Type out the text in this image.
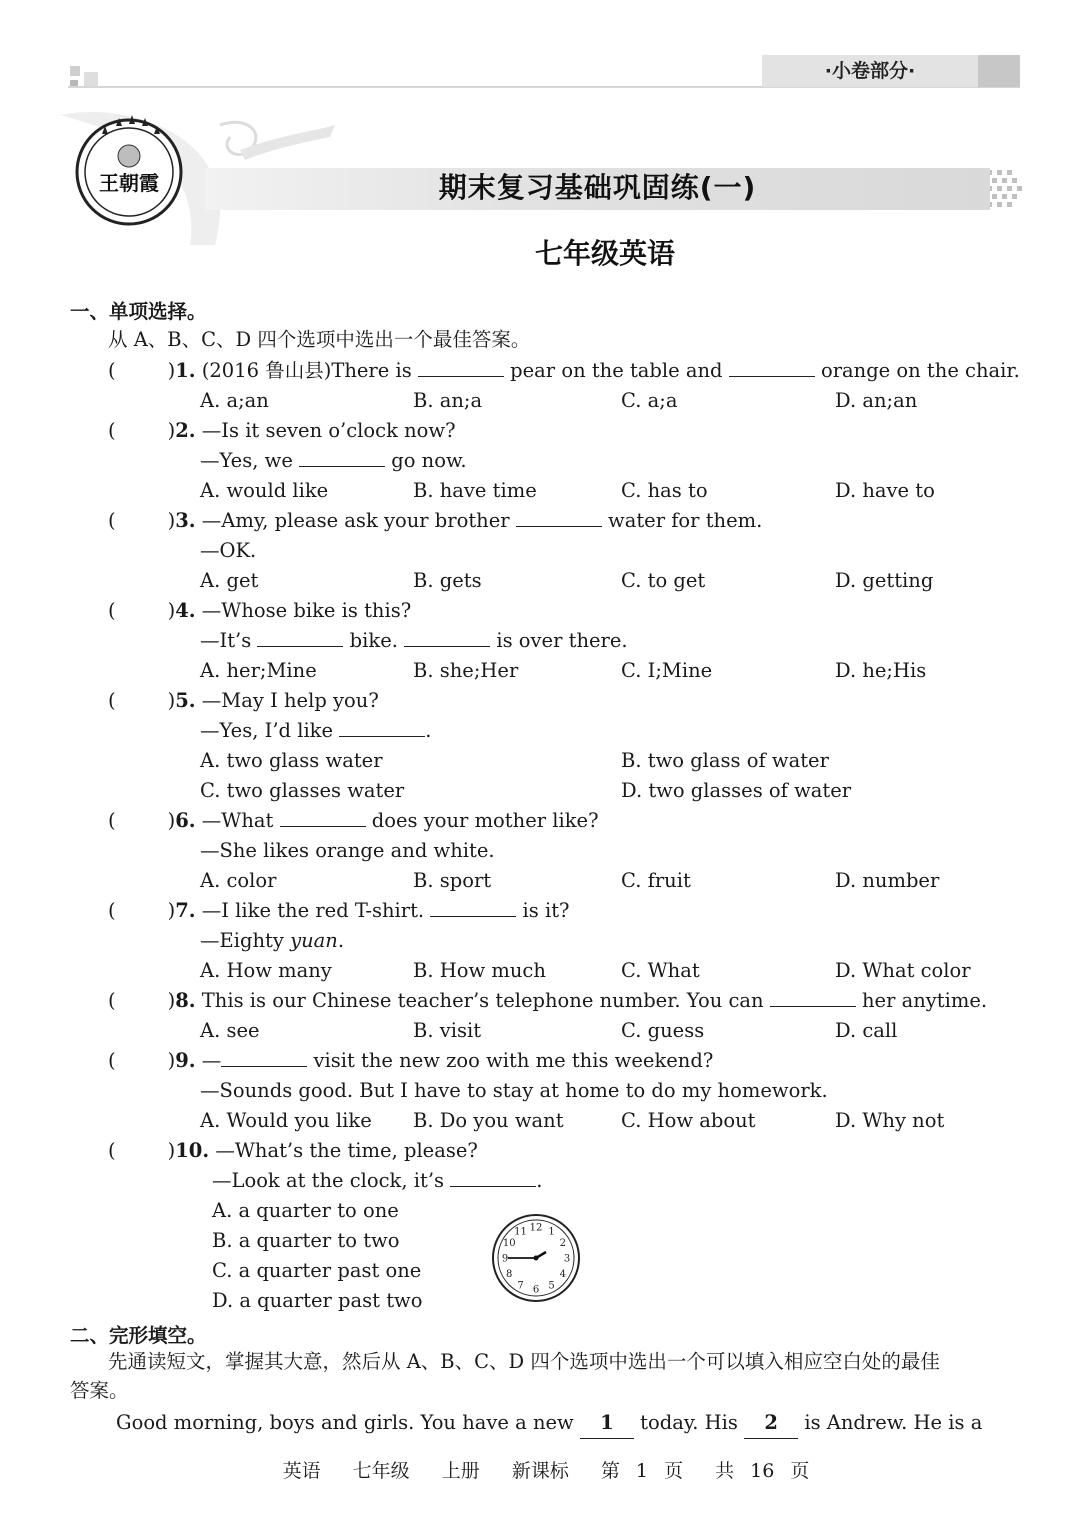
·小卷部分·
王朝霞	期末复习基础巩固练(一)
七年级英语
一、单项选择。
从 A、B、C、D 四个选项中选出一个最佳答案。
(	)1. (2016 鲁山县)There is	pear on the table and	orange on the chair.
A. a;an	B. an;a	C. a;a	D. an;an
(	)2. —Is it seven o’clock now?
—Yes, we	go now.
A. would like	B. have time	C. has to	D. have to
(	)3. —Amy, please ask your brother	water for them.
—OK.
A. get	B. gets	C. to get	D. getting
(	)4. —Whose bike is this?
—It’s	bike.	is over there.
A. her;Mine	B. she;Her	C. I;Mine	D. he;His
(	)5. —May I help you?
—Yes, I’d like	.
A. two glass water	B. two glass of water
C. two glasses water	D. two glasses of water
(	)6. —What	does your mother like?
—She likes orange and white.
A. color	B. sport	C. fruit	D. number
(	)7. —I like the red T-shirt.	is it?
—Eighty yuan.
A. How many	B. How much	C. What	D. What color
(	)8. This is our Chinese teacher’s telephone number. You can	her anytime.
A. see	B. visit	C. guess	D. call
(	)9. —	visit the new zoo with me this weekend?
—Sounds good. But I have to stay at home to do my homework.
A. Would you like B. Do you want	C. How about	D. Why not
(	)10. —What’s the time, please?
—Look at the clock, it’s	.
A. a quarter to one
B. a quarter to two
C. a quarter past one
D. a quarter past two
12 1
2
3
4
5
6
7
8
9
10
11
二、完形填空。
先通读短文，掌握其大意，然后从 A、B、C、D 四个选项中选出一个可以填入相应空白处的最佳
答案。
Good morning, boys and girls. You have a new 1 today. His 2 is Andrew. He is a
英语  七年级  上册  新课标  第 1 页  共 16 页
